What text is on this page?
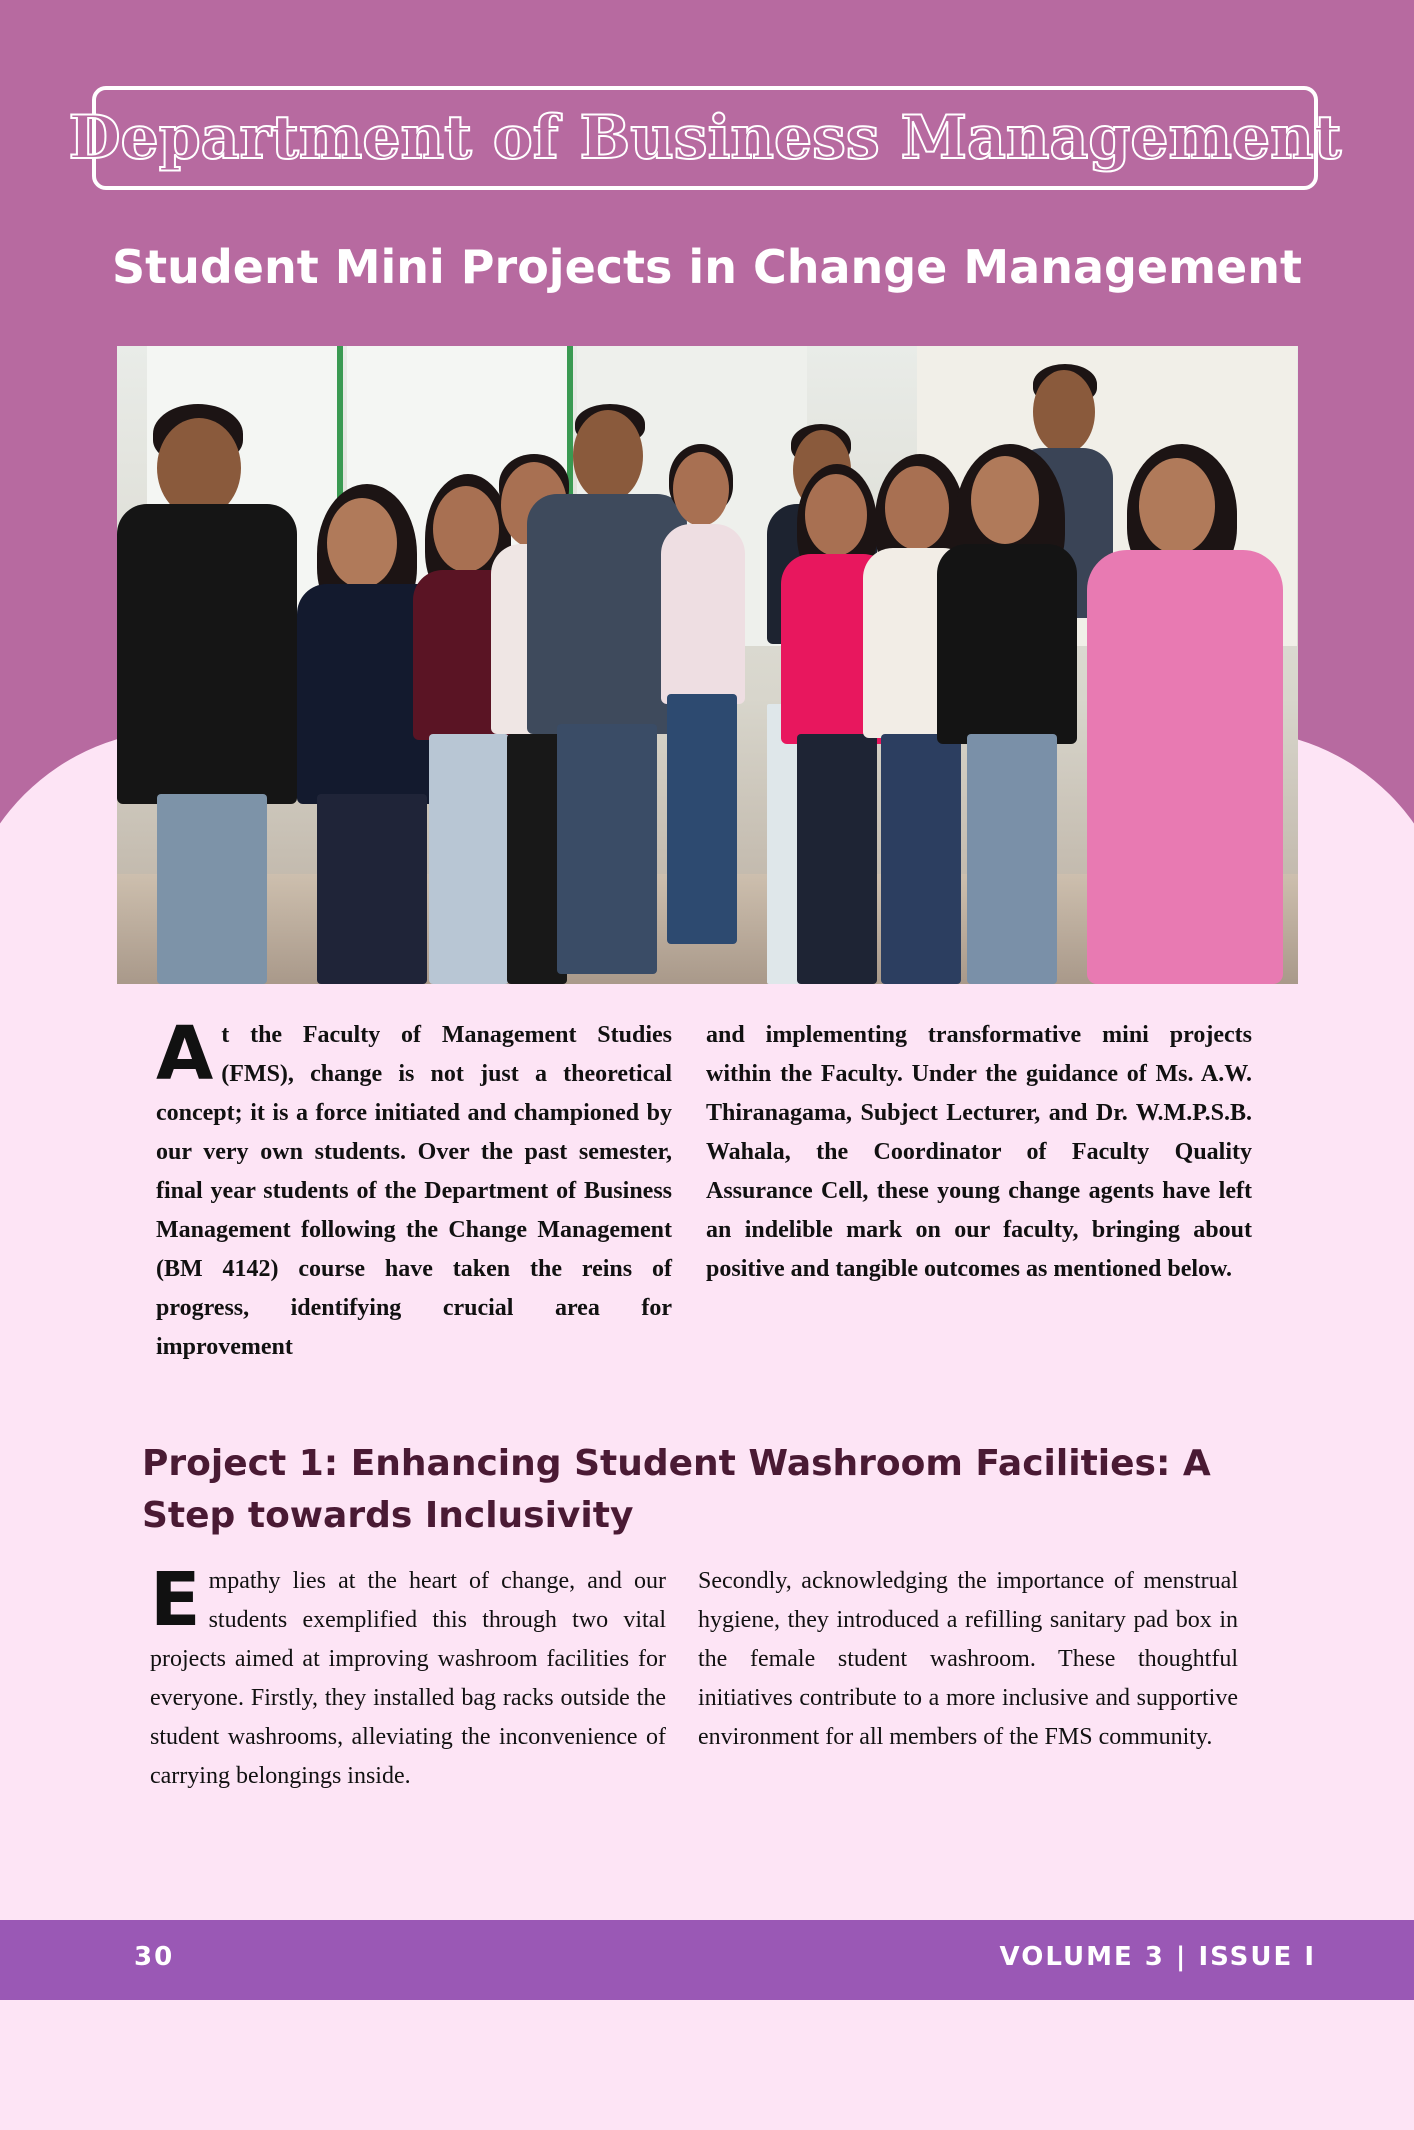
Department of Business Management
Student Mini Projects in Change Management
A t the Faculty of Management Studies (FMS), change is not just a theoretical concept; it is a force initiated and championed by our very own students. Over the past semester, final year students of the Department of Business Management following the Change Management (BM 4142) course have taken the reins of progress, identifying crucial area for improvement
and implementing transformative mini projects within the Faculty. Under the guidance of Ms. A.W. Thiranagama, Subject Lecturer, and Dr. W.M.P.S.B. Wahala, the Coordinator of Faculty Quality Assurance Cell, these young change agents have left an indelible mark on our faculty, bringing about positive and tangible outcomes as mentioned below.
Project 1: Enhancing Student Washroom Facilities: A Step towards Inclusivity
E mpathy lies at the heart of change, and our students exemplified this through two vital projects aimed at improving washroom facilities for everyone. Firstly, they installed bag racks outside the student washrooms, alleviating the inconvenience of carrying belongings inside.
Secondly, acknowledging the importance of menstrual hygiene, they introduced a refilling sanitary pad box in the female student washroom. These thoughtful initiatives contribute to a more inclusive and supportive environment for all members of the FMS community.
30	VOLUME 3 | ISSUE I
